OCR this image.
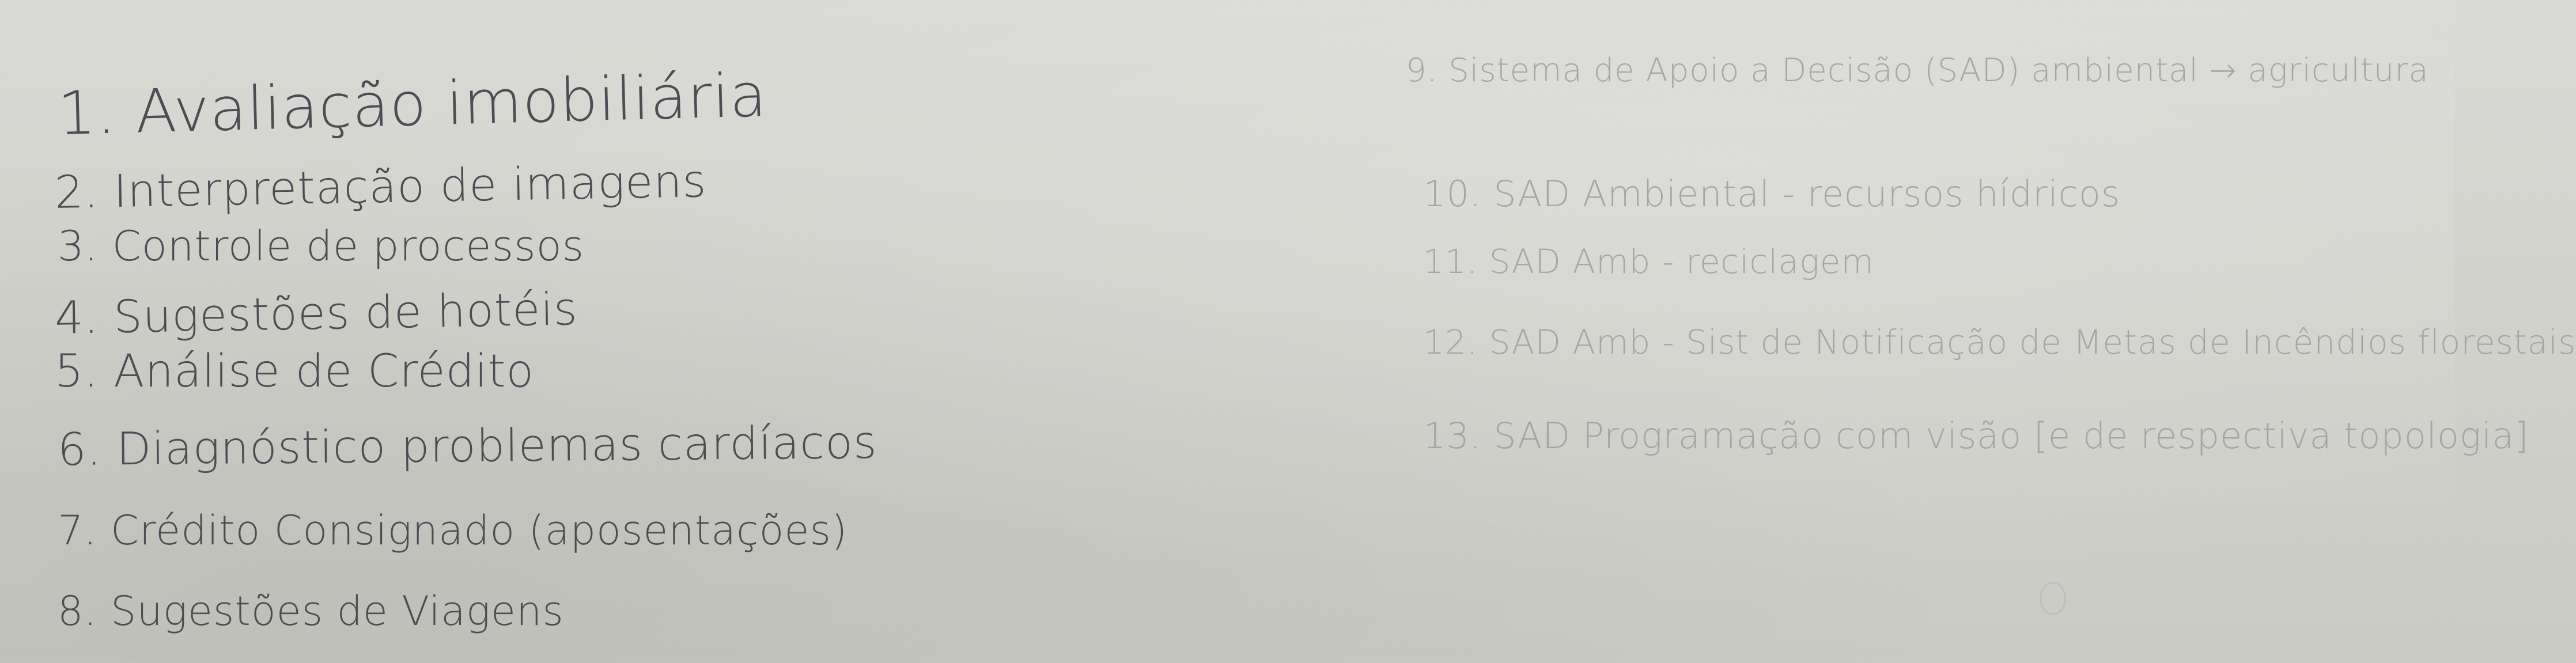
1. Avaliação imobiliária
2. Interpretação de imagens
3. Controle de processos
4. Sugestões de hotéis
5. Análise de Crédito
6. Diagnóstico problemas cardíacos
7. Crédito Consignado (aposentações)
8. Sugestões de Viagens
9. Sistema de Apoio a Decisão (SAD) ambiental → agricultura
10. SAD Ambiental - recursos hídricos
11. SAD Amb - reciclagem
12. SAD Amb - Sist de Notificação de Metas de Incêndios florestais
13. SAD Programação com visão [e de respectiva topologia]
